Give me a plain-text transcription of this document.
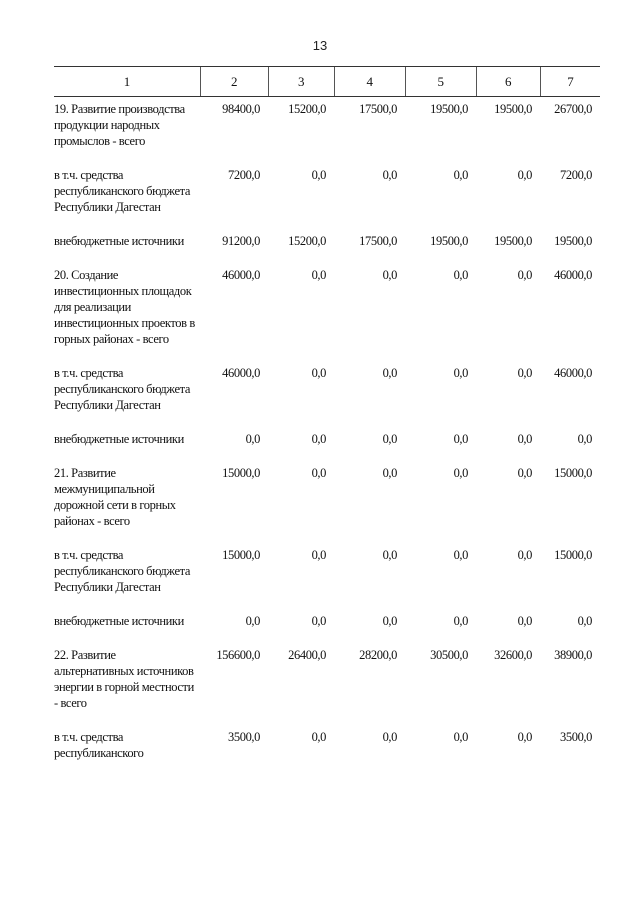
13
1	2	3	4	5	6	7
19. Развитие производства продукции народных промыслов - всего	98400,0	15200,0	17500,0	19500,0	19500,0	26700,0
в т.ч. средства республиканского бюджета Республики Дагестан	7200,0	0,0	0,0	0,0	0,0	7200,0
внебюджетные источники	91200,0	15200,0	17500,0	19500,0	19500,0	19500,0
20. Создание инвестиционных площадок для реализации инвестиционных проектов в горных районах - всего	46000,0	0,0	0,0	0,0	0,0	46000,0
в т.ч. средства республиканского бюджета Республики Дагестан	46000,0	0,0	0,0	0,0	0,0	46000,0
внебюджетные источники	0,0	0,0	0,0	0,0	0,0	0,0
21. Развитие межмуниципальной дорожной сети в горных районах - всего	15000,0	0,0	0,0	0,0	0,0	15000,0
в т.ч. средства республиканского бюджета Республики Дагестан	15000,0	0,0	0,0	0,0	0,0	15000,0
внебюджетные источники	0,0	0,0	0,0	0,0	0,0	0,0
22. Развитие альтернативных источников энергии в горной местности - всего	156600,0	26400,0	28200,0	30500,0	32600,0	38900,0
в т.ч. средства республиканского	3500,0	0,0	0,0	0,0	0,0	3500,0
